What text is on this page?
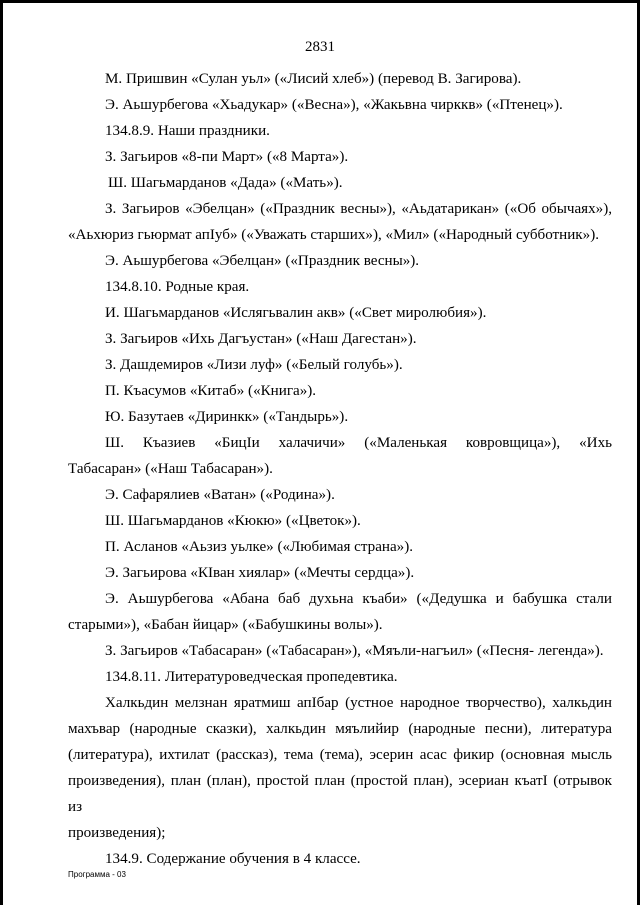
2831
М. Пришвин «Сулан уьл» («Лисий хлеб») (перевод В. Загирова).
Э. Аьшурбегова «Хьадукар» («Весна»), «Жакьвна чирккв» («Птенец»).
134.8.9. Наши праздники.
З. Загьиров «8-пи Март» («8 Марта»).
Ш. Шагьмарданов «Дада» («Мать»).
З. Загьиров «Эбелцан» («Праздник весны»), «Аьдатарикан» («Об обычаях»),
«Аьхюриз гьюрмат апIуб» («Уважать старших»), «Мил» («Народный субботник»).
Э. Аьшурбегова «Эбелцан» («Праздник весны»).
134.8.10. Родные края.
И. Шагьмарданов «Ислягьвалин акв» («Свет миролюбия»).
З. Загьиров «Ихь Дагъустан» («Наш Дагестан»).
З. Дашдемиров «Лизи луф» («Белый голубь»).
П. Къасумов «Китаб» («Книга»).
Ю. Базутаев «Диринкк» («Тандырь»).
Ш. Къазиев «БицIи халачичи» («Маленькая ковровщица»), «Ихь
Табасаран» («Наш Табасаран»).
Э. Сафарялиев «Ватан» («Родина»).
Ш. Шагьмарданов «Кюкю» («Цветок»).
П. Асланов «Аьзиз уьлке» («Любимая страна»).
Э. Загьирова «КIван хиялар» («Мечты сердца»).
Э. Аьшурбегова «Абана баб духьна къаби» («Дедушка и бабушка стали
старыми»), «Бабан йицар» («Бабушкины волы»).
З. Загьиров «Табасаран» («Табасаран»), «Мяъли-нагъил» («Песня- легенда»).
134.8.11. Литературоведческая пропедевтика.
Халкьдин мелзнан яратмиш апIбар (устное народное творчество), халкьдин
махъвар (народные сказки), халкьдин мяълийир (народные песни), литература
(литература), ихтилат (рассказ), тема (тема), эсерин асас фикир (основная мысль
произведения), план (план), простой план (простой план), эсериан къатI (отрывок из
произведения);
134.9. Содержание обучения в 4 классе.
Программа - 03
